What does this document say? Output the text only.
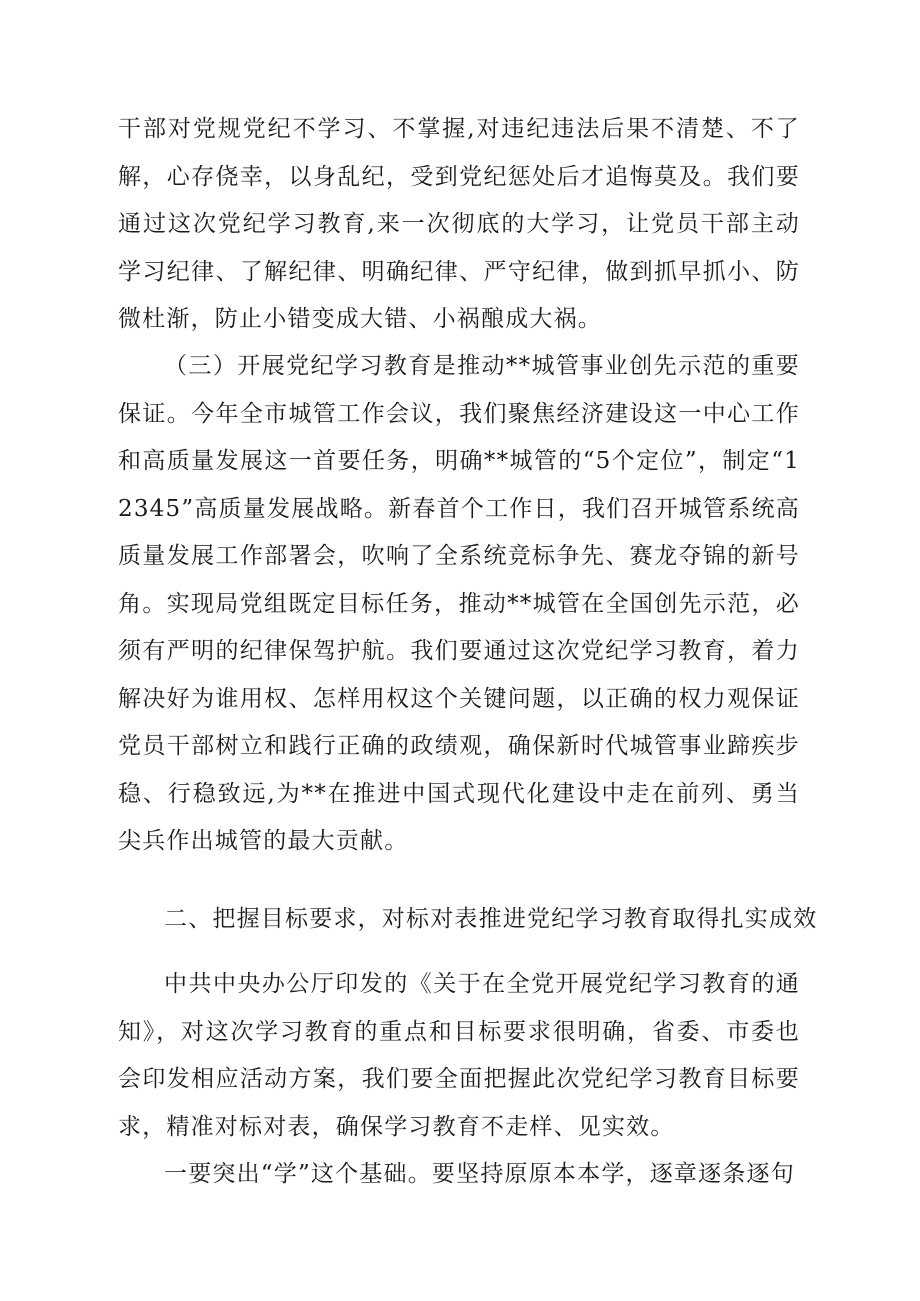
干部对党规党纪不学习、不掌握,对违纪违法后果不清楚、不了解，心存侥幸，以身乱纪，受到党纪惩处后才追悔莫及。我们要通过这次党纪学习教育,来一次彻底的大学习，让党员干部主动学习纪律、了解纪律、明确纪律、严守纪律，做到抓早抓小、防微杜渐，防止小错变成大错、小祸酿成大祸。

（三）开展党纪学习教育是推动**城管事业创先示范的重要保证。今年全市城管工作会议，我们聚焦经济建设这一中心工作和高质量发展这一首要任务，明确**城管的“5个定位”，制定“12345”高质量发展战略。新春首个工作日，我们召开城管系统高质量发展工作部署会，吹响了全系统竞标争先、赛龙夺锦的新号角。实现局党组既定目标任务，推动**城管在全国创先示范，必须有严明的纪律保驾护航。我们要通过这次党纪学习教育，着力解决好为谁用权、怎样用权这个关键问题，以正确的权力观保证党员干部树立和践行正确的政绩观，确保新时代城管事业蹄疾步稳、行稳致远,为**在推进中国式现代化建设中走在前列、勇当尖兵作出城管的最大贡献。

二、把握目标要求，对标对表推进党纪学习教育取得扎实成效

中共中央办公厅印发的《关于在全党开展党纪学习教育的通知》，对这次学习教育的重点和目标要求很明确，省委、市委也会印发相应活动方案，我们要全面把握此次党纪学习教育目标要求，精准对标对表，确保学习教育不走样、见实效。

一要突出“学”这个基础。要坚持原原本本学，逐章逐条逐句
